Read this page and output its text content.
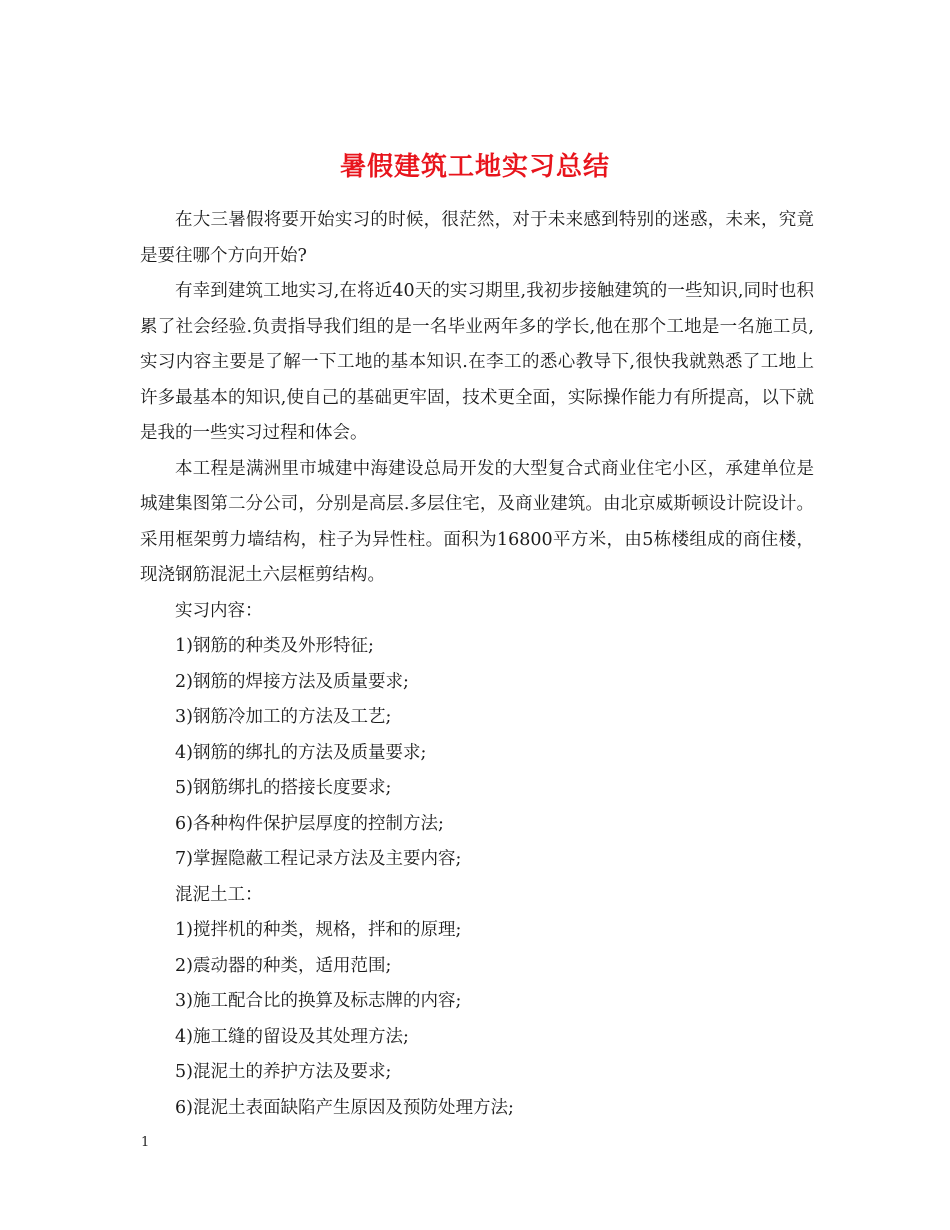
暑假建筑工地实习总结

在大三暑假将要开始实习的时候，很茫然，对于未来感到特别的迷惑，未来，究竟是要往哪个方向开始?

有幸到建筑工地实习,在将近40天的实习期里,我初步接触建筑的一些知识,同时也积累了社会经验.负责指导我们组的是一名毕业两年多的学长,他在那个工地是一名施工员,实习内容主要是了解一下工地的基本知识.在李工的悉心教导下,很快我就熟悉了工地上许多最基本的知识,使自己的基础更牢固，技术更全面，实际操作能力有所提高，以下就是我的一些实习过程和体会。

本工程是满洲里市城建中海建设总局开发的大型复合式商业住宅小区，承建单位是城建集图第二分公司，分别是高层.多层住宅，及商业建筑。由北京威斯顿设计院设计。采用框架剪力墙结构，柱子为异性柱。面积为16800平方米，由5栋楼组成的商住楼，现浇钢筋混泥土六层框剪结构。

实习内容：

1)钢筋的种类及外形特征;

2)钢筋的焊接方法及质量要求;

3)钢筋冷加工的方法及工艺;

4)钢筋的绑扎的方法及质量要求;

5)钢筋绑扎的搭接长度要求;

6)各种构件保护层厚度的控制方法;

7)掌握隐蔽工程记录方法及主要内容;

混泥土工：

1)搅拌机的种类，规格，拌和的原理;

2)震动器的种类，适用范围;

3)施工配合比的换算及标志牌的内容;

4)施工缝的留设及其处理方法;

5)混泥土的养护方法及要求;

6)混泥土表面缺陷产生原因及预防处理方法;

1
